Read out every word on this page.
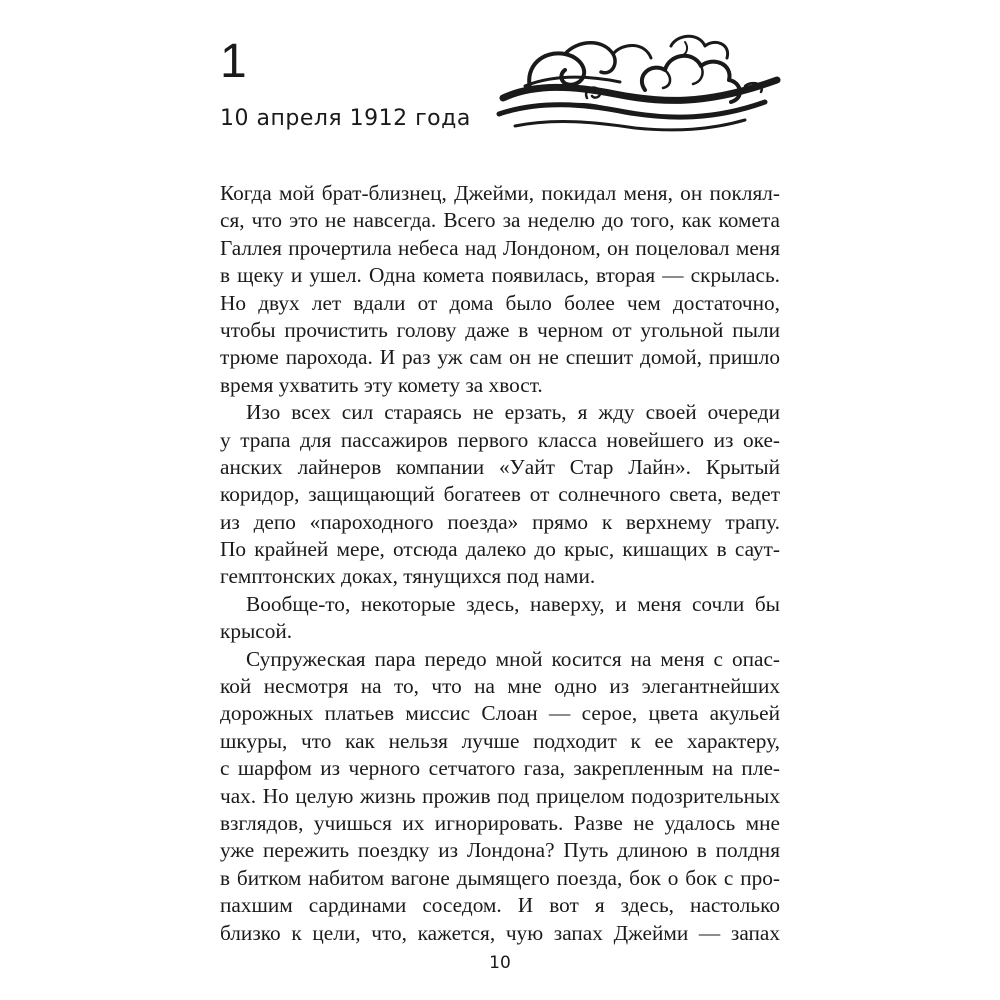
1
10 апреля 1912 года

Когда мой брат-близнец, Джейми, покидал меня, он поклял-
ся, что это не навсегда. Всего за неделю до того, как комета
Галлея прочертила небеса над Лондоном, он поцеловал меня
в щеку и ушел. Одна комета появилась, вторая — скрылась.
Но двух лет вдали от дома было более чем достаточно,
чтобы прочистить голову даже в черном от угольной пыли
трюме парохода. И раз уж сам он не спешит домой, пришло
время ухватить эту комету за хвост.

Изо всех сил стараясь не ерзать, я жду своей очереди
у трапа для пассажиров первого класса новейшего из оке-
анских лайнеров компании «Уайт Стар Лайн». Крытый
коридор, защищающий богатеев от солнечного света, ведет
из депо «пароходного поезда» прямо к верхнему трапу.
По крайней мере, отсюда далеко до крыс, кишащих в саут-
гемптонских доках, тянущихся под нами.

Вообще-то, некоторые здесь, наверху, и меня сочли бы
крысой.

Супружеская пара передо мной косится на меня с опас-
кой несмотря на то, что на мне одно из элегантнейших
дорожных платьев миссис Слоан — серое, цвета акульей
шкуры, что как нельзя лучше подходит к ее характеру,
с шарфом из черного сетчатого газа, закрепленным на пле-
чах. Но целую жизнь прожив под прицелом подозрительных
взглядов, учишься их игнорировать. Разве не удалось мне
уже пережить поездку из Лондона? Путь длиною в полдня
в битком набитом вагоне дымящего поезда, бок о бок с про-
пахшим сардинами соседом. И вот я здесь, настолько
близко к цели, что, кажется, чую запах Джейми — запах

10
